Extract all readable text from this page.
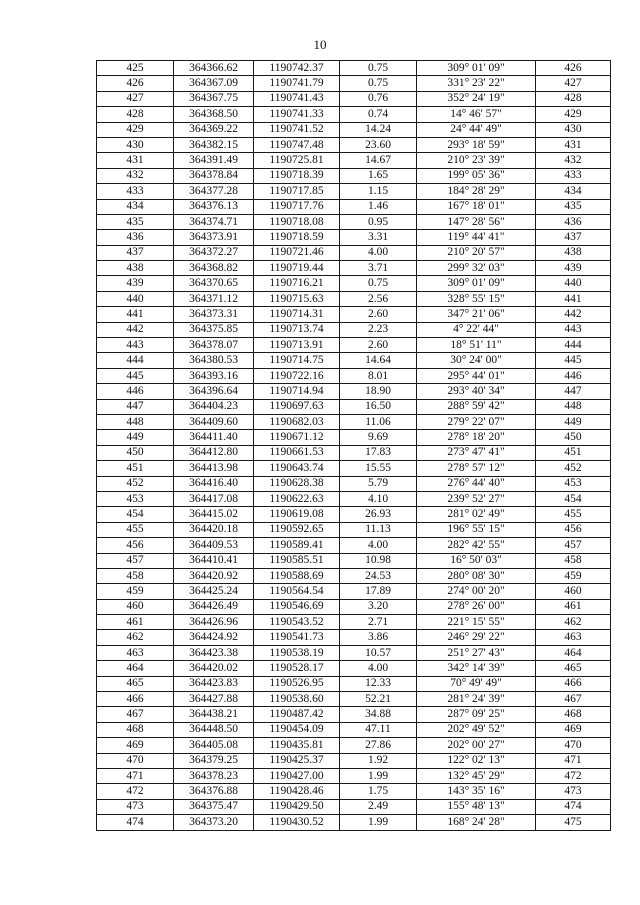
10
425	364366.62	1190742.37	0.75	309° 01' 09"	426
426	364367.09	1190741.79	0.75	331° 23' 22"	427
427	364367.75	1190741.43	0.76	352° 24' 19"	428
428	364368.50	1190741.33	0.74	14° 46' 57"	429
429	364369.22	1190741.52	14.24	24° 44' 49"	430
430	364382.15	1190747.48	23.60	293° 18' 59"	431
431	364391.49	1190725.81	14.67	210° 23' 39"	432
432	364378.84	1190718.39	1.65	199° 05' 36"	433
433	364377.28	1190717.85	1.15	184° 28' 29"	434
434	364376.13	1190717.76	1.46	167° 18' 01"	435
435	364374.71	1190718.08	0.95	147° 28' 56"	436
436	364373.91	1190718.59	3.31	119° 44' 41"	437
437	364372.27	1190721.46	4.00	210° 20' 57"	438
438	364368.82	1190719.44	3.71	299° 32' 03"	439
439	364370.65	1190716.21	0.75	309° 01' 09"	440
440	364371.12	1190715.63	2.56	328° 55' 15"	441
441	364373.31	1190714.31	2.60	347° 21' 06"	442
442	364375.85	1190713.74	2.23	4° 22' 44"	443
443	364378.07	1190713.91	2.60	18° 51' 11"	444
444	364380.53	1190714.75	14.64	30° 24' 00"	445
445	364393.16	1190722.16	8.01	295° 44' 01"	446
446	364396.64	1190714.94	18.90	293° 40' 34"	447
447	364404.23	1190697.63	16.50	288° 59' 42"	448
448	364409.60	1190682.03	11.06	279° 22' 07"	449
449	364411.40	1190671.12	9.69	278° 18' 20"	450
450	364412.80	1190661.53	17.83	273° 47' 41"	451
451	364413.98	1190643.74	15.55	278° 57' 12"	452
452	364416.40	1190628.38	5.79	276° 44' 40"	453
453	364417.08	1190622.63	4.10	239° 52' 27"	454
454	364415.02	1190619.08	26.93	281° 02' 49"	455
455	364420.18	1190592.65	11.13	196° 55' 15"	456
456	364409.53	1190589.41	4.00	282° 42' 55"	457
457	364410.41	1190585.51	10.98	16° 50' 03"	458
458	364420.92	1190588.69	24.53	280° 08' 30"	459
459	364425.24	1190564.54	17.89	274° 00' 20"	460
460	364426.49	1190546.69	3.20	278° 26' 00"	461
461	364426.96	1190543.52	2.71	221° 15' 55"	462
462	364424.92	1190541.73	3.86	246° 29' 22"	463
463	364423.38	1190538.19	10.57	251° 27' 43"	464
464	364420.02	1190528.17	4.00	342° 14' 39"	465
465	364423.83	1190526.95	12.33	70° 49' 49"	466
466	364427.88	1190538.60	52.21	281° 24' 39"	467
467	364438.21	1190487.42	34.88	287° 09' 25"	468
468	364448.50	1190454.09	47.11	202° 49' 52"	469
469	364405.08	1190435.81	27.86	202° 00' 27"	470
470	364379.25	1190425.37	1.92	122° 02' 13"	471
471	364378.23	1190427.00	1.99	132° 45' 29"	472
472	364376.88	1190428.46	1.75	143° 35' 16"	473
473	364375.47	1190429.50	2.49	155° 48' 13"	474
474	364373.20	1190430.52	1.99	168° 24' 28"	475
